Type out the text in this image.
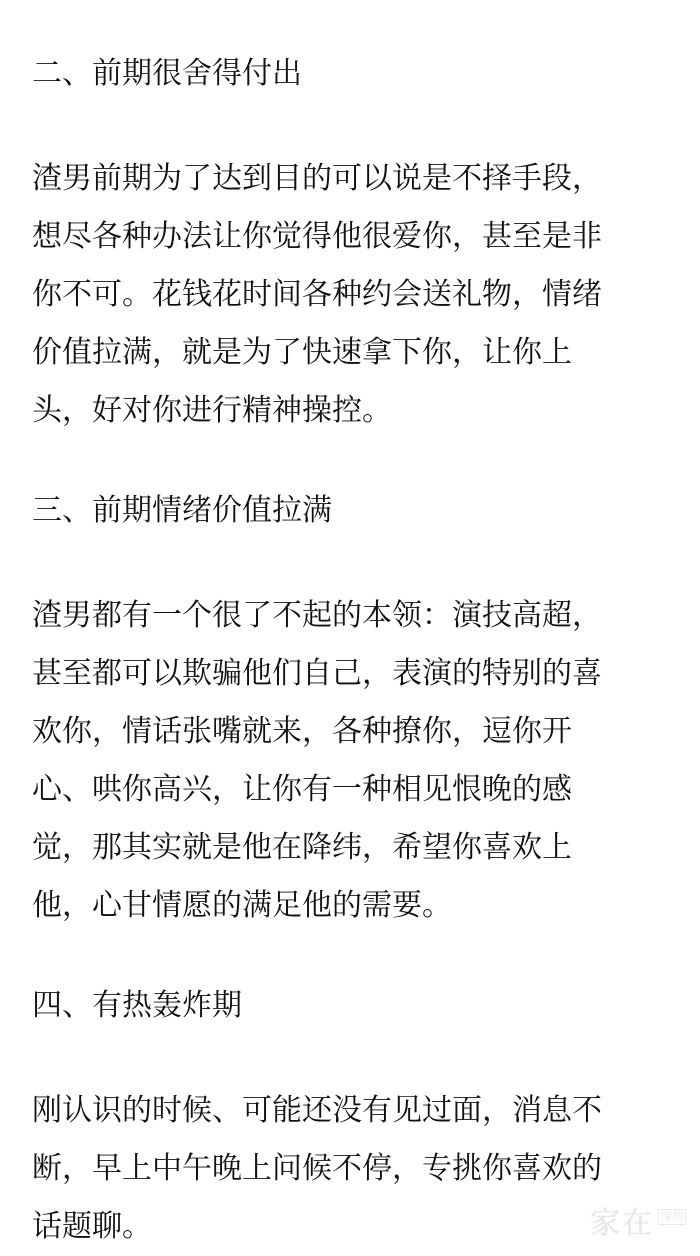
二、前期很舍得付出

渣男前期为了达到目的可以说是不择手段，
想尽各种办法让你觉得他很爱你，甚至是非
你不可。花钱花时间各种约会送礼物，情绪
价值拉满，就是为了快速拿下你，让你上
头，好对你进行精神操控。

三、前期情绪价值拉满

渣男都有一个很了不起的本领：演技高超，
甚至都可以欺骗他们自己，表演的特别的喜
欢你，情话张嘴就来，各种撩你，逗你开
心、哄你高兴，让你有一种相见恨晚的感
觉，那其实就是他在降纬，希望你喜欢上
他，心甘情愿的满足他的需要。

四、有热轰炸期

刚认识的时候、可能还没有见过面，消息不
断，早上中午晚上问候不停，专挑你喜欢的
话题聊。	家在 深圳
